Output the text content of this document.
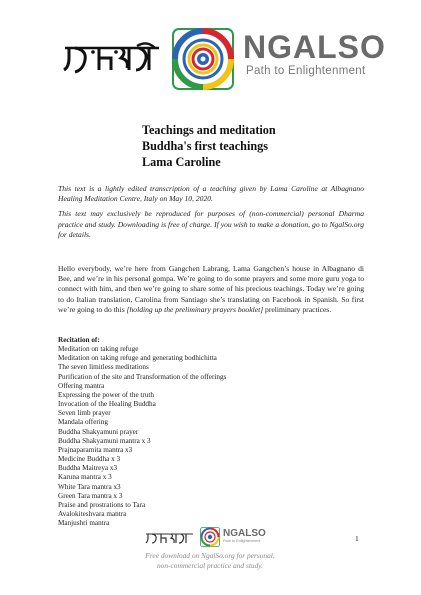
NGALSO
Path to Enlightenment
Teachings and meditation
Buddha's first teachings
Lama Caroline

This text is a lightly edited transcription of a teaching given by Lama Caroline at Albagnano Healing Meditation Centre, Italy on May 10, 2020.

This text may exclusively be reproduced for purposes of (non-commercial) personal Dharma practice and study. Downloading is free of charge. If you wish to make a donation, go to NgalSo.org for details.

Hello everybody, we’re here from Gangchen Labrang, Lama Gangchen’s house in Albagnano di Bee, and we’re in his personal gompa. We’re going to do some prayers and some more guru yoga to connect with him, and then we’re going to share some of his precious teachings. Today we’re going to do Italian translation, Carolina from Santiago she’s translating on Facebook in Spanish. So first we’re going to do this [holding up the preliminary prayers booklet] preliminary practices.

Recitation of:
Meditation on taking refuge
Meditation on taking refuge and generating bodhichitta
The seven limitless meditations
Purification of the site and Transformation of the offerings
Offering mantra
Expressing the power of the truth
Invocation of the Healing Buddha
Seven limb prayer
Mandala offering
Buddha Shakyamuni prayer
Buddha Shakyamuni mantra x 3
Prajnaparamita mantra x3
Medicine Buddha x 3
Buddha Maitreya x3
Karuna mantra x 3
White Tara mantra x3
Green Tara mantra x 3
Praise and prostrations to Tara
Avalokiteshvara mantra
Manjushri mantra
NGALSO
Path to Enlightenment	1
Free download on NgalSo.org for personal,
non-commercial practice and study.
